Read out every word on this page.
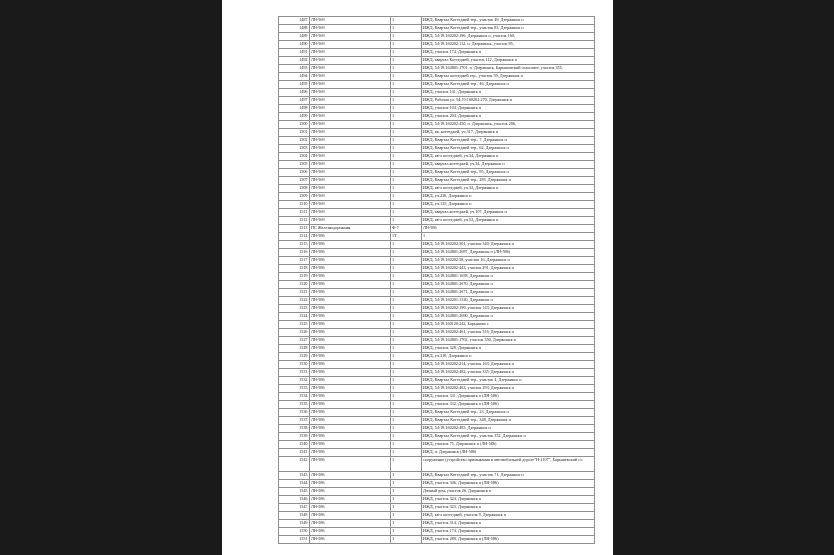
1487	ЛН-569	1	ИЖД, Квартал Коттеджей тер., участок 49, Дзержинск п
1488	ЛН-569	1	ИЖД, Квартал Коттеджей тер., участок 83, Дзержинск п
1489	ЛН-569	1	ИЖД, 54:19:160202:196, Дзержинск п, участок 160,
1490	ЛН-569	1	ИЖД, 54:19:160202:112, п. Дзержинск, участок 85,
1491	ЛН-569	1	ИЖД, участок 174, Дзержинск п
1492	ЛН-569	1	ИЖД, квартал Коттеджей, участок 112, Дзержинск п
1493	ЛН-569	1	ИЖД, 54:19:164801:1701, п. Дзержинск, Барышевский сельсовет, участок 355,
1494	ЛН-569	1	ИЖД, Квартал коттеджей тер., участок 59, Дзержинск п
1495	ЛН-569	1	ИЖД, Квартал Коттеджей тер., 46, Дзержинск п
1496	ЛН-569	1	ИЖД, участок 141, Дзержинск п
1497	ЛН-569	1	ИЖД, Рабочая ул. 54:19:160202:270, Дзержинск п
1498	ЛН-569	1	ИЖД, участок 104, Дзержинск п
1499	ЛН-569	1	ИЖД, участок 204, Дзержинск п
1500	ЛН-569	1	ИЖД, 54:19:160202:450, п. Дзержинск, участок 206,
1501	ЛН-569	1	ИЖД, кв. коттеджей, уч.317, Дзержинск п
1502	ЛН-569	1	ИЖД, Квартал Коттеджей тер., 7, Дзержинск п
1503	ЛН-569	1	ИЖД, Квартал Коттеджей тер., 62, Дзержинск п
1504	ЛН-569	1	ИЖД, кв-л коттеджей, уч.34, Дзержинск п
1505	ЛН-569	1	ИЖД, квартал коттеджей, уч.34, Дзержинск п
1506	ЛН-569	1	ИЖД, Квартал Коттеджей тер., 95, Дзержинск п
1507	ЛН-569	1	ИЖД, Квартал Коттеджей тер., 285, Дзержинск п
1508	ЛН-569	1	ИЖД, кв-л коттеджей, уч.32, Дзержинск п
1509	ЛН-569	1	ИЖД, уч.236, Дзержинск п
1510	ЛН-569	1	ИЖД, уч.135, Дзержинск п
1511	ЛН-569	1	ИЖД, квартал коттеджей, уч.107, Дзержинск п
1512	ЛН-569	1	ИЖД, кв-л коттеджей, уч.52, Дзержинск п
1513	ПС Железнодорожная	Ф-7	ЛН-586
1514	ЛН-586	1Т	1
1515	ЛН-586	1	ИЖД, 54:19:160202:501, участок 340, Дзержинск п
1516	ЛН-586	1	ИЖД, 54:19:164801:2697, Дзержинск п (ЛН-586)
1517	ЛН-586	1	ИЖД, 54:19:160202:58, участок 16, Дзержинск п
1518	ЛН-586	1	ИЖД, 54:19:160202:443, участок 291, Дзержинск п
1519	ЛН-586	1	ИЖД, 54:19:164801:1658, Дзержинск п
1520	ЛН-586	1	ИЖД, 54:19:164801:2670, Дзержинск п
1521	ЛН-586	1	ИЖД, 54:19:164801:2671, Дзержинск п
1522	ЛН-586	1	ИЖД, 54:19:160201:1320, Дзержинск п
1523	ЛН-586	1	ИЖД, 54:19:160202:199, участок 143, Дзержинск п
1524	ЛН-586	1	ИЖД, 54:19:164801:2690, Дзержинск п
1525	ЛН-586	1	ИЖД, 54:19:160120:242, Барышево с
1526	ЛН-586	1	ИЖД, 54:19:160202:461, участок 316, Дзержинск п
1527	ЛН-586	1	ИЖД, 54:19:164801:1702, участок 350, Дзержинск п
1528	ЛН-586	1	ИЖД, участок 328, Дзержинск п
1529	ЛН-586	1	ИЖД, уч.310, Дзержинск п
1530	ЛН-586	1	ИЖД, 54:19:160202:214, участок 163, Дзержинск п
1531	ЛН-586	1	ИЖД, 54:19:160202:482, участок 335, Дзержинск п
1532	ЛН-586	1	ИЖД, Квартал Коттеджей тер., участок 4, Дзержинск п
1533	ЛН-586	1	ИЖД, 54:19:160202:463, участок 293, Дзержинск п
1534	ЛН-586	1	ИЖД, участок 331, Дзержинск п (ЛН-586)
1535	ЛН-586	1	ИЖД, участок 332, Дзержинск п (ЛН-586)
1536	ЛН-586	1	ИЖД, Квартал Коттеджей тер., 23, Дзержинск п
1537	ЛН-586	1	ИЖД, Квартал Коттеджей тер., 348, Дзержинск п
1538	ЛН-586	1	ИЖД, 54:19:160202:485, Дзержинск п
1539	ЛН-586	1	ИЖД, Квартал Коттеджей тер., участок 352, Дзержинск п
1540	ЛН-586	1	ИЖД, участок 75, Дзержинск п (ЛН-586)
1541	ЛН-586	1	ИЖД, п. Дзержинск (ЛН-586)
1542	ЛН-586	1	сооружение (устройство примыкания к автомобильной дороге"Н-2107", Барышевский с/с
1543	ЛН-586	1	ИЖД, Квартал Коттеджей тер., участок 71, Дзержинск п
1544	ЛН-586	1	ИЖД, участок 346, Дзержинск п (ЛН-586)
1545	ЛН-586	1	Дачный дом, участок 26, Дзержинск п
1546	ЛН-586	1	ИЖД, участок 324, Дзержинск п
1547	ЛН-586	1	ИЖД, участок 323, Дзержинск п
1548	ЛН-586	1	ИЖД, кв-л коттеджей, участок 9, Дзержинск п
1549	ЛН-586	1	ИЖД, участок 314, Дзержинск п
1550	ЛН-586	1	ИЖД, участок 174, Дзержинск п
1551	ЛН-586	1	ИЖД, участок 289, Дзержинск п (ЛН-586)
